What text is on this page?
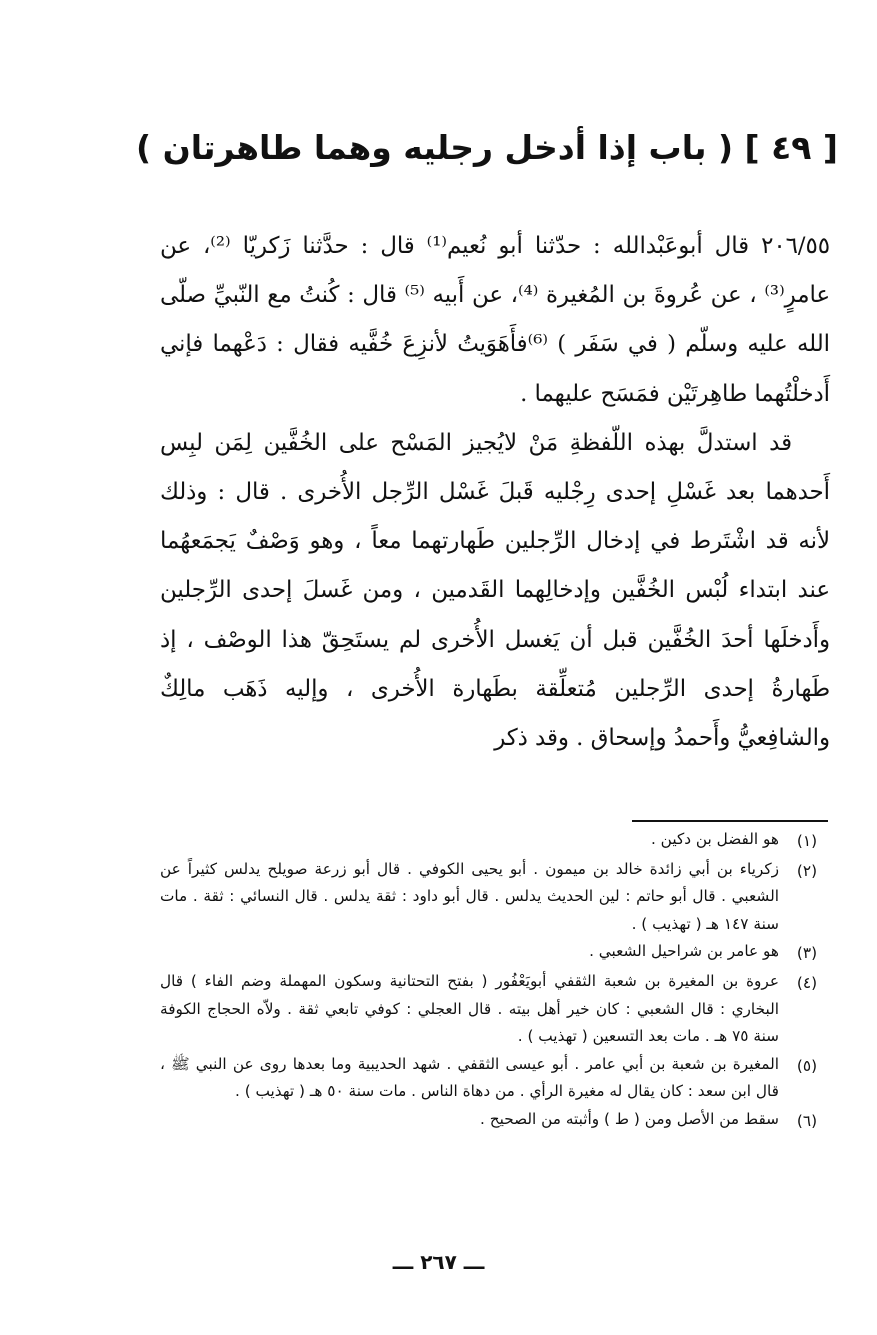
[ ٤٩ ] ( باب إذا أدخل رجليه وهما طاهرتان )

٢٠٦/٥٥ قال أبوعَبْدالله : حدّثنا أبو نُعيم⁽¹⁾ قال : حدَّثنا زَكريّا ⁽²⁾، عن عامرٍ⁽³⁾ ، عن عُروةَ بن المُغيرة ⁽⁴⁾، عن أَبيه ⁽⁵⁾ قال : كُنتُ مع النّبيِّ صلّى الله عليه وسلّم ( في سَفَر ) ⁽⁶⁾فأَهَوَيتُ لأنزِعَ خُفَّيه فقال : دَعْهما فإني أَدخلْتُهما طاهِرتَيْن فمَسَح عليهما .

قد استدلَّ بهذه اللّفظةِ مَنْ لايُجيز المَسْح على الخُفَّين لِمَن لبِس أَحدهما بعد غَسْلِ إحدى رِجْليه قَبلَ غَسْل الرِّجل الأُخرى . قال : وذلك لأنه قد اشْتَرط في إدخال الرِّجلين طَهارتهما معاً ، وهو وَصْفٌ يَجمَعهُما عند ابتداء لُبْس الخُفَّين وإدخالِهما القَدمين ، ومن غَسلَ إحدى الرِّجلين وأَدخلَها أحدَ الخُفَّين قبل أن يَغسل الأُخرى لم يستَحِقّ هذا الوصْف ، إذ طَهارةُ إحدى الرِّجلين مُتعلِّقة بطَهارة الأُخرى ، وإليه ذَهَب مالِكٌ والشافِعيُّ وأَحمدُ وإسحاق . وقد ذكر

(١)
هو الفضل بن دكين .
(٢)
زكرياء بن أبي زائدة خالد بن ميمون . أبو يحيى الكوفي . قال أبو زرعة صويلح يدلس كثيراً عن الشعبي . قال أبو حاتم : لين الحديث يدلس . قال أبو داود : ثقة يدلس . قال النسائي : ثقة . مات سنة ١٤٧ هـ ( تهذيب ) .
(٣)
هو عامر بن شراحيل الشعبي .
(٤)
عروة بن المغيرة بن شعبة الثقفي أبويَعْفُور ( بفتح التحتانية وسكون المهملة وضم الفاء ) قال البخاري : قال الشعبي : كان خير أهل بيته . قال العجلي : كوفي تابعي ثقة . ولاّه الحجاج الكوفة سنة ٧٥ هـ . مات بعد التسعين ( تهذيب ) .
(٥)
المغيرة بن شعبة بن أبي عامر . أبو عيسى الثقفي . شهد الحديبية وما بعدها روى عن النبي ﷺ ، قال ابن سعد : كان يقال له مغيرة الرأي . من دهاة الناس . مات سنة ٥٠ هـ ( تهذيب ) .
(٦)
سقط من الأصل ومن ( ط ) وأثبته من الصحيح .
ـــ ٢٦٧ ـــ
